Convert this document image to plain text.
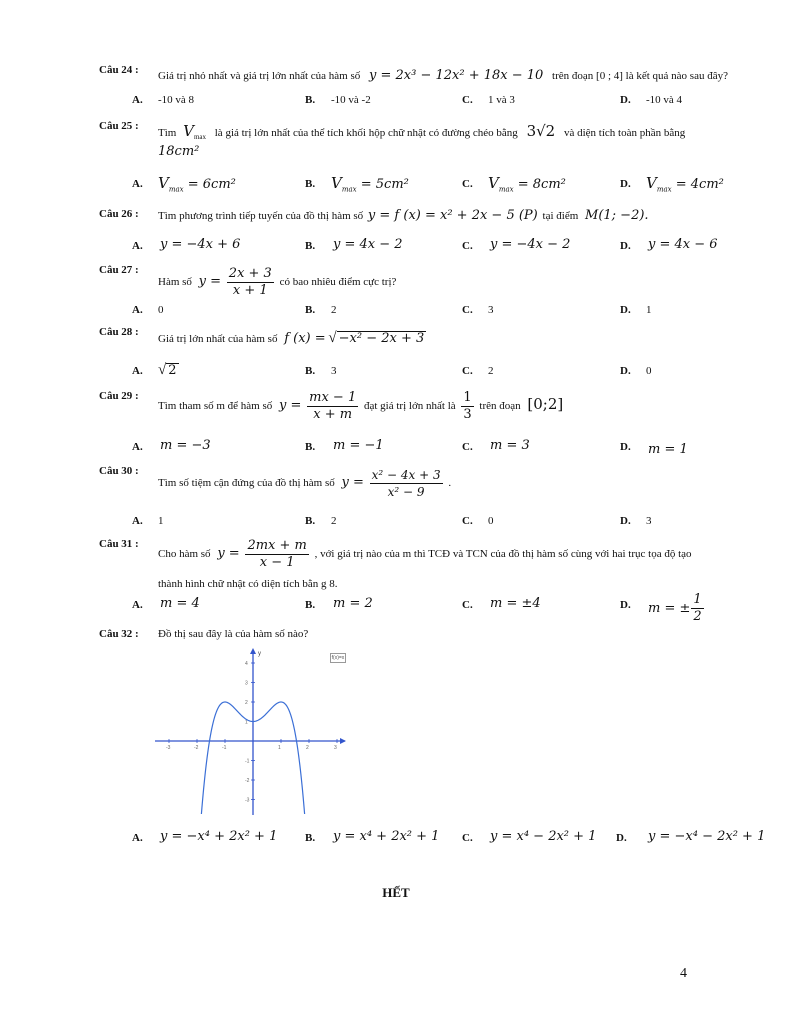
Câu 24 : Giá trị nhỏ nhất và giá trị lớn nhất của hàm số y = 2x³ − 12x² + 18x − 10 trên đoạn [0 ; 4] là kết quả nào sau đây?
A. -10 và 8	B. -10 và -2	C. 1 và 3	D. -10 và 4
Câu 25 :
Tìm $V_{max}$ là giá trị lớn nhất của thể tích khối hộp chữ nhật có đường chéo bằng 3√2 và diện tích toàn phần bằng
18cm²
A. $V_{max} = 6cm^2$	B. $V_{max} = 5cm^2$	C. $V_{max} = 8cm^2$	D. $V_{max} = 4cm^2$
Câu 26 : Tìm phương trình tiếp tuyến của đồ thị hàm số y = f (x) = x² + 2x − 5 (P) tại điểm M(1; −2).
A. y = −4x + 6	B. y = 4x − 2	C. y = −4x − 2	D. y = 4x − 6
Câu 27 :
Hàm số $y = \frac{2x + 3}{x + 1}$ có bao nhiêu điểm cực trị?
A. 0	B. 2	C. 3	D. 1
Câu 28 :
Giá trị lớn nhất của hàm số f (x) = √ −x² − 2x + 3
A. √ 2	B. 3	C. 2	D. 0
Câu 29 :
Tìm tham số m để hàm số $y = \frac{mx - 1}{x + m}$ đạt giá trị lớn nhất là $\frac{1}{3}$ trên đoạn [0;2]
A. m = −3	B. m = −1	C. m = 3	D. m = 1
Câu 30 :
Tìm số tiệm cận đứng của đồ thị hàm số $y = \frac{\text{x² − 4x + 3}}{\text{x² − 9}}$ .
A. 1	B. 2	C. 0	D. 3
Câu 31 :
Cho hàm số $y = \frac{2mx + m}{x - 1}$ , với giá trị nào của m thì TCĐ và TCN của đồ thị hàm số cùng với hai trục tọa độ tạo
thành hình chữ nhật có diện tích bằn g 8.
A. m = 4	B. m = 2	C. m = ±4	D. m = ± $\frac{1}{2}$
Câu 32 : Đồ thị sau đây là của hàm số nào?
y
-3	-2	-1	1	2	3
4
3
2
1
-1
-2
-3
f(x)=x
A. y = −x⁴ + 2x² + 1	B. y = x⁴ + 2x² + 1 C. y = x⁴ − 2x² + 1 D. y = −x⁴ − 2x² + 1
HẾT
4
